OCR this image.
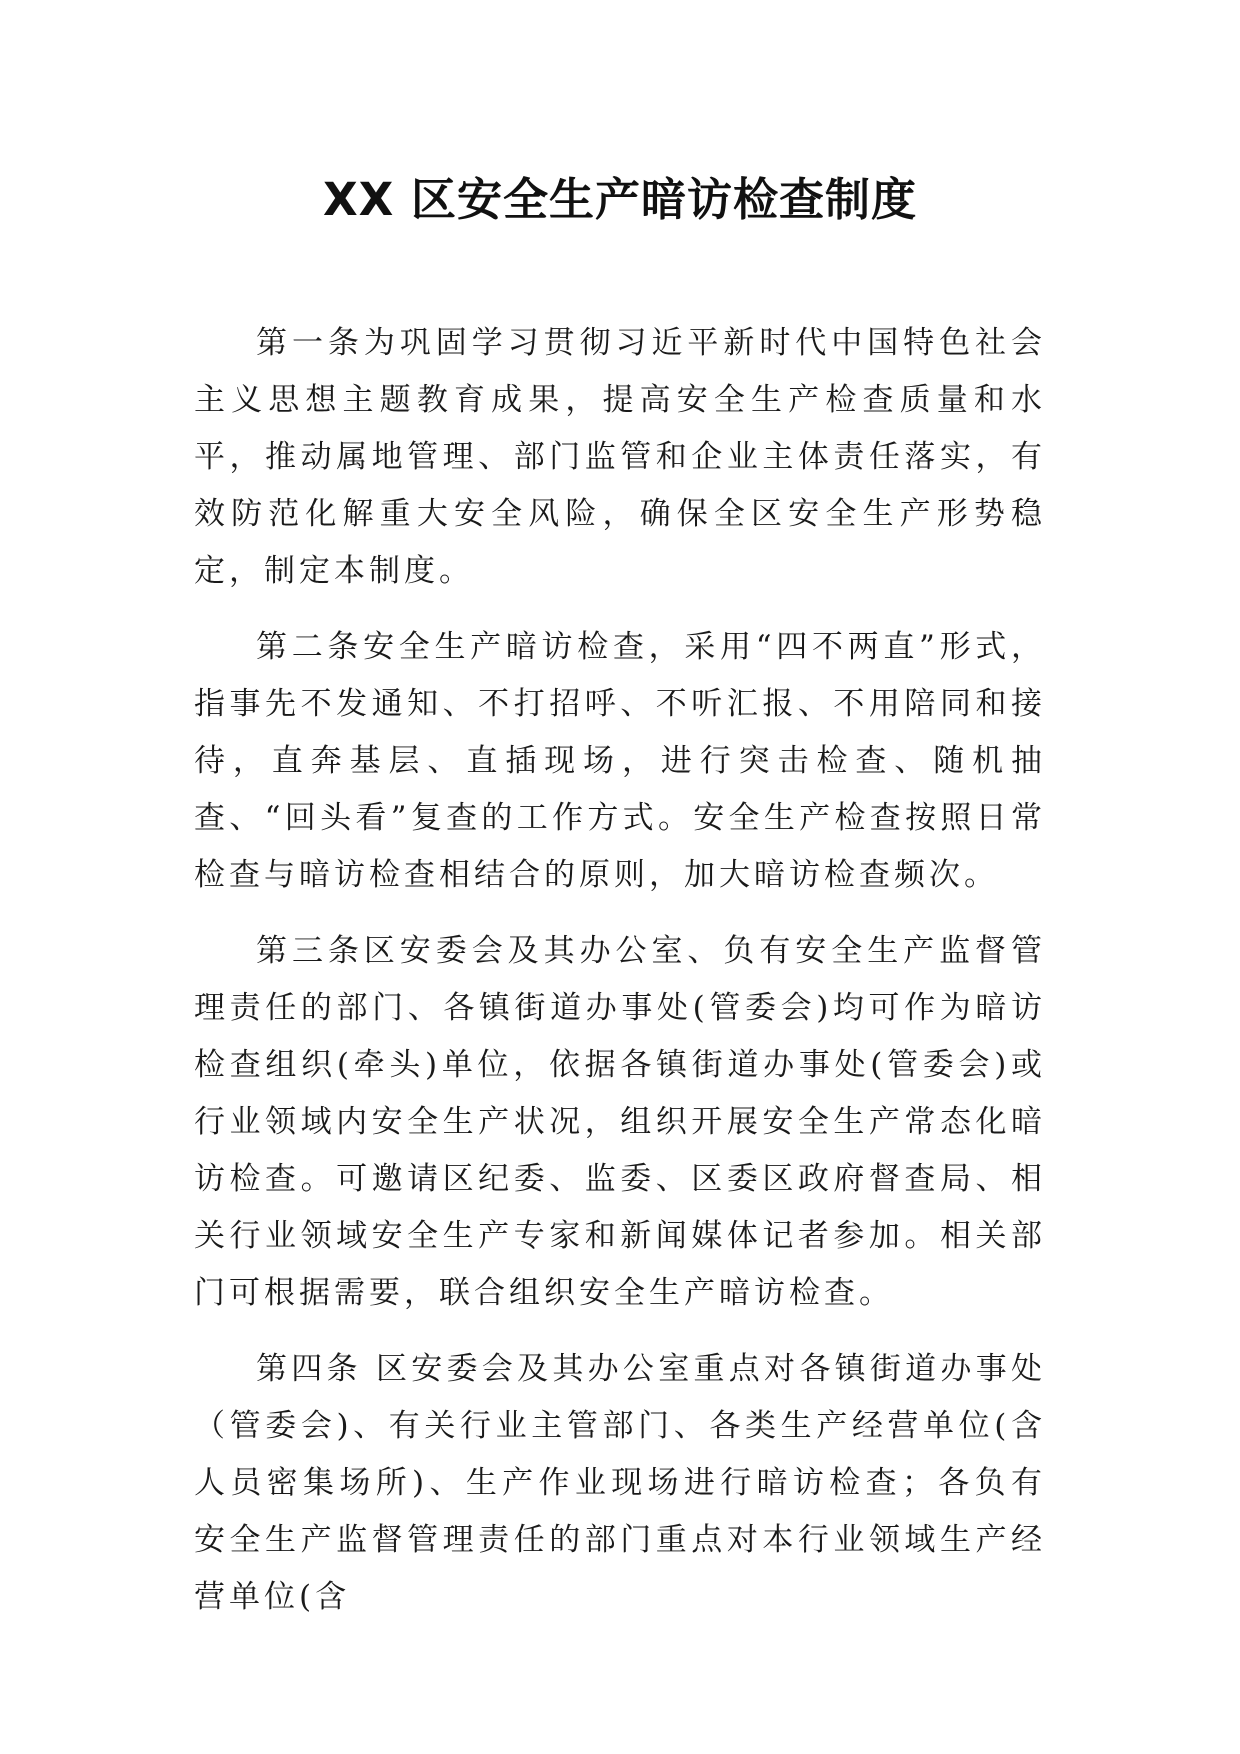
XX 区安全生产暗访检查制度

第一条为巩固学习贯彻习近平新时代中国特色社会主义思想主题教育成果，提高安全生产检查质量和水平，推动属地管理、部门监管和企业主体责任落实，有效防范化解重大安全风险，确保全区安全生产形势稳定，制定本制度。

第二条安全生产暗访检查，采用“四不两直”形式，指事先不发通知、不打招呼、不听汇报、不用陪同和接待，直奔基层、直插现场，进行突击检查、随机抽查、“回头看”复查的工作方式。安全生产检查按照日常检查与暗访检查相结合的原则，加大暗访检查频次。

第三条区安委会及其办公室、负有安全生产监督管理责任的部门、各镇街道办事处(管委会)均可作为暗访检查组织(牵头)单位，依据各镇街道办事处(管委会)或行业领域内安全生产状况，组织开展安全生产常态化暗访检查。可邀请区纪委、监委、区委区政府督查局、相关行业领域安全生产专家和新闻媒体记者参加。相关部门可根据需要，联合组织安全生产暗访检查。

第四条 区安委会及其办公室重点对各镇街道办事处（管委会)、有关行业主管部门、各类生产经营单位(含人员密集场所)、生产作业现场进行暗访检查；各负有安全生产监督管理责任的部门重点对本行业领域生产经营单位(含
